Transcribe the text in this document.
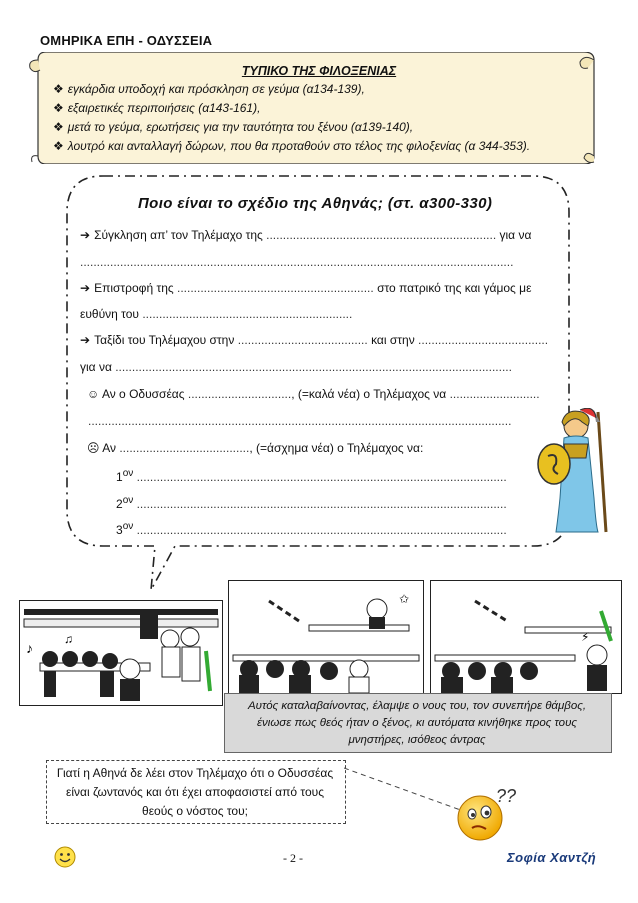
ΟΜΗΡΙΚΑ ΕΠΗ - ΟΔΥΣΣΕΙΑ
ΤΥΠΙΚΟ ΤΗΣ ΦΙΛΟΞΕΝΙΑΣ
❖ εγκάρδια υποδοχή και πρόσκληση σε γεύμα (α134-139),
❖ εξαιρετικές περιποιήσεις (α143-161),
❖ μετά το γεύμα, ερωτήσεις για την ταυτότητα του ξένου (α139-140),
❖ λουτρό και ανταλλαγή δώρων, που θα προταθούν στο τέλος της φιλοξενίας (α 344-353).
Ποιο είναι το σχέδιο της Αθηνάς; (στ. α300-330)
➔ Σύγκληση απ’ τον Τηλέμαχο της ..................................................................... για να
..................................................................................................................................
➔ Επιστροφή της ........................................................... στο πατρικό της και γάμος με
ευθύνη του ...............................................................
➔ Ταξίδι του Τηλέμαχου στην ....................................... και στην .......................................
για να .......................................................................................................................
☺ Αν ο Οδυσσέας ..............................., (=καλά νέα) ο Τηλέμαχος να ...........................
...............................................................................................................................
☹ Αν ......................................., (=άσχημα νέα) ο Τηλέμαχος να:
$1^{o\nu}$ ...............................................................................................................
$2^{o\nu}$ ...............................................................................................................
$3^{o\nu}$ ...............................................................................................................
♪
♫
✩
⚡
Αυτός καταλαβαίνοντας, έλαμψε ο νους του, τον συνεπήρε θάμβος, ένιωσε πως θεός ήταν ο ξένος, κι αυτόματα κινήθηκε προς τους μνηστήρες, ισόθεος άντρας
Γιατί η Αθηνά δε λέει στον Τηλέμαχο ότι ο Οδυσσέας είναι ζωντανός και ότι έχει αποφασιστεί από τους θεούς ο νόστος του;
??
- 2 -	Σοφία Χαντζή
